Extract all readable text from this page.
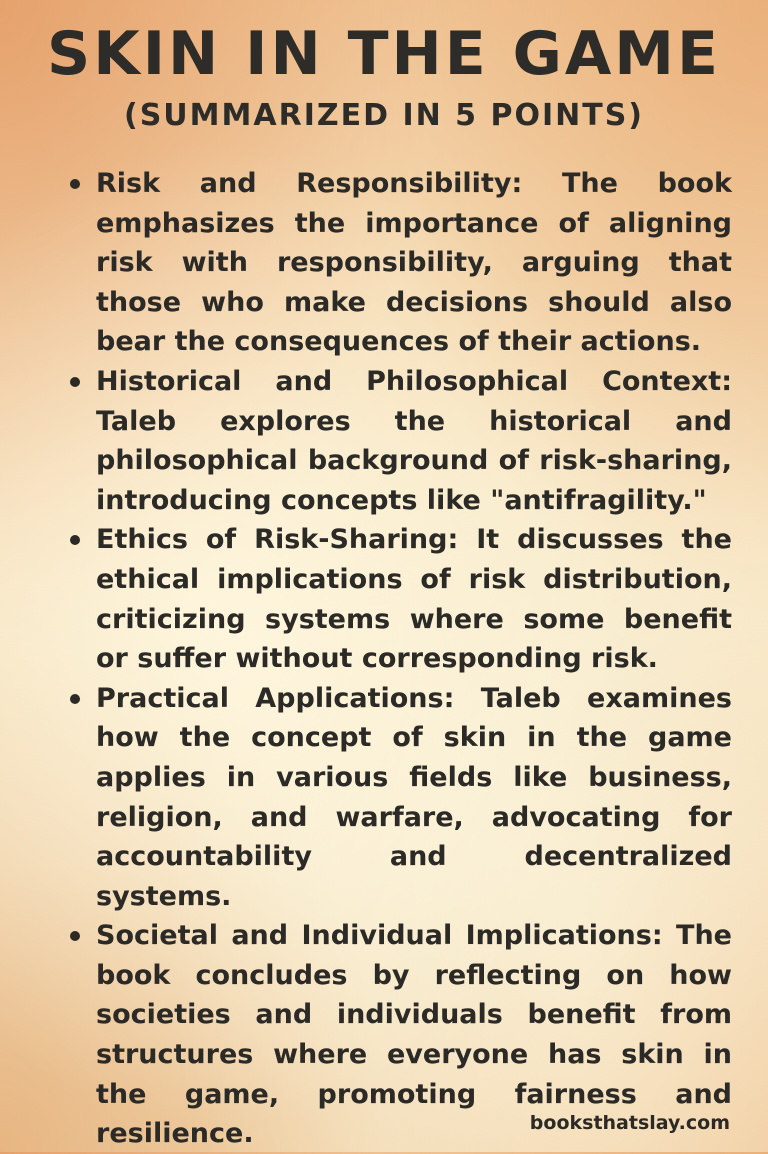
SKIN IN THE GAME
(SUMMARIZED IN 5 POINTS)
Risk and Responsibility: The book emphasizes the importance of aligning risk with responsibility, arguing that those who make decisions should also bear the consequences of their actions.
Historical and Philosophical Context: Taleb explores the historical and philosophical background of risk-sharing, introducing concepts like "antifragility."
Ethics of Risk-Sharing: It discusses the ethical implications of risk distribution, criticizing systems where some benefit or suffer without corresponding risk.
Practical Applications: Taleb examines how the concept of skin in the game applies in various fields like business, religion, and warfare, advocating for accountability and decentralized systems.
Societal and Individual Implications: The book concludes by reflecting on how societies and individuals benefit from structures where everyone has skin in the game, promoting fairness and resilience.	booksthatslay.com
